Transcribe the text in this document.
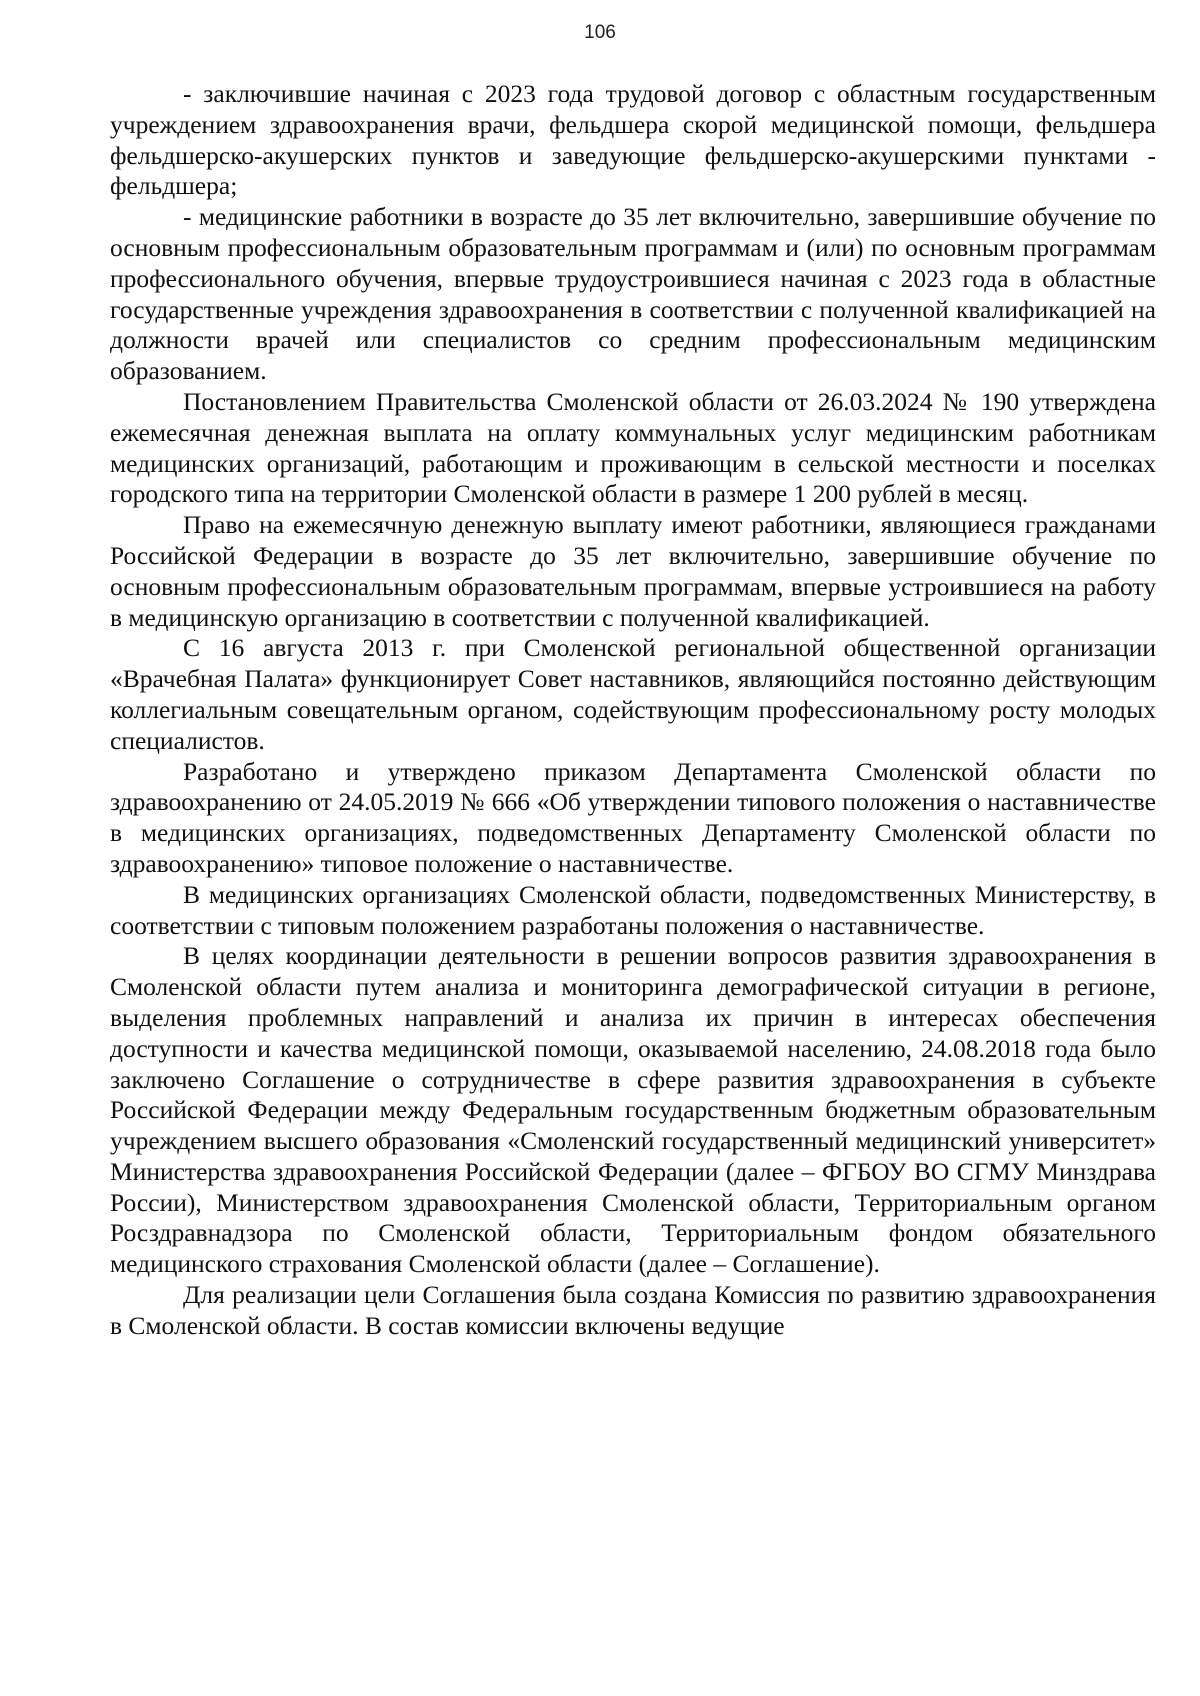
106

- заключившие начиная с 2023 года трудовой договор с областным государственным учреждением здравоохранения врачи, фельдшера скорой медицинской помощи, фельдшера фельдшерско-акушерских пунктов и заведующие фельдшерско-акушерскими пунктами - фельдшера;

- медицинские работники в возрасте до 35 лет включительно, завершившие обучение по основным профессиональным образовательным программам и (или) по основным программам профессионального обучения, впервые трудоустроившиеся начиная с 2023 года в областные государственные учреждения здравоохранения в соответствии с полученной квалификацией на должности врачей или специалистов со средним профессиональным медицинским образованием.

Постановлением Правительства Смоленской области от 26.03.2024 № 190 утверждена ежемесячная денежная выплата на оплату коммунальных услуг медицинским работникам медицинских организаций, работающим и проживающим в сельской местности и поселках городского типа на территории Смоленской области в размере 1 200 рублей в месяц.

Право на ежемесячную денежную выплату имеют работники, являющиеся гражданами Российской Федерации в возрасте до 35 лет включительно, завершившие обучение по основным профессиональным образовательным программам, впервые устроившиеся на работу в медицинскую организацию в соответствии с полученной квалификацией.

С 16 августа 2013 г. при Смоленской региональной общественной организации «Врачебная Палата» функционирует Совет наставников, являющийся постоянно действующим коллегиальным совещательным органом, содействующим профессиональному росту молодых специалистов.

Разработано и утверждено приказом Департамента Смоленской области по здравоохранению от 24.05.2019 № 666 «Об утверждении типового положения о наставничестве в медицинских организациях, подведомственных Департаменту Смоленской области по здравоохранению» типовое положение о наставничестве.

В медицинских организациях Смоленской области, подведомственных Министерству, в соответствии с типовым положением разработаны положения о наставничестве.

В целях координации деятельности в решении вопросов развития здравоохранения в Смоленской области путем анализа и мониторинга демографической ситуации в регионе, выделения проблемных направлений и анализа их причин в интересах обеспечения доступности и качества медицинской помощи, оказываемой населению, 24.08.2018 года было заключено Соглашение о сотрудничестве в сфере развития здравоохранения в субъекте Российской Федерации между Федеральным государственным бюджетным образовательным учреждением высшего образования «Смоленский государственный медицинский университет» Министерства здравоохранения Российской Федерации (далее – ФГБОУ ВО СГМУ Минздрава России), Министерством здравоохранения Смоленской области, Территориальным органом Росздравнадзора по Смоленской области, Территориальным фондом обязательного медицинского страхования Смоленской области (далее – Соглашение).

Для реализации цели Соглашения была создана Комиссия по развитию здравоохранения в Смоленской области. В состав комиссии включены ведущие
